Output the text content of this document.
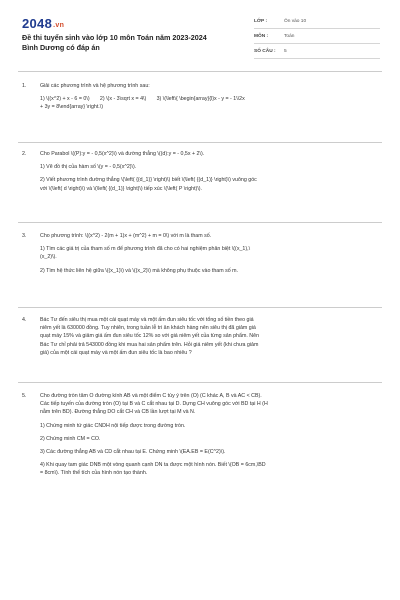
2048.vn
Đề thi tuyển sinh vào lớp 10 môn Toán năm 2023-2024
Bình Dương có đáp án
LỚP :	Ôn vào 10
MÔN :	Toán
SỐ CÂU :	5
1.	Giải các phương trình và hệ phương trình sau:
1) \((x^2) + x - 6 = 0\) 2) \(x - 3\sqrt x = 4\) 3) \(\left\{ \begin{array}{l}x - y = - 1\\2x
+ 3y = 8\end{array} \right.\)
2.	Cho Parabol \((P):y = - 0,5(x^2)\) và đường thẳng \((d):y = - 0,5x + 2\).
1) Vẽ đồ thị của hàm số \(y = - 0,5(x^2)\).
2) Viết phương trình đường thẳng \(\left( {(d_1)} \right)\) biết \(\left( {(d_1)} \right)\) vuông góc
với \(\left( d \right)\) và \(\left( {(d_1)} \right)\) tiếp xúc \(\left( P \right)\).
3.	Cho phương trình: \((x^2) - 2(m + 1)x + (m^2) + m = 0\) với m là tham số.
1) Tìm các giá trị của tham số m để phương trình đã cho có hai nghiệm phân biệt \((x_1),\
(x_2)\).
2) Tìm hệ thức liên hệ giữa \((x_1)\) và \((x_2)\) mà không phụ thuộc vào tham số m.
4.	Bác Tư đến siêu thị mua một cái quạt máy và một ấm đun siêu tốc với tổng số tiền theo giá
niêm yết là 630000 đồng. Tuy nhiên, trong tuần lễ tri ân khách hàng nên siêu thị đã giảm giá
quạt máy 15% và giảm giá ấm đun siêu tốc 12% so với giá niêm yết của từng sản phẩm. Nên
Bác Tư chỉ phải trả 543000 đồng khi mua hai sản phẩm trên. Hỏi giá niêm yết (khi chưa giảm
giá) của một cái quạt máy và một ấm đun siêu tốc là bao nhiêu ?
5.	Cho đường tròn tâm O đường kính AB và một điểm C tùy ý trên (O) (C khác A, B và AC < CB).
Các tiếp tuyến của đường tròn (O) tại B và C cắt nhau tại D. Dựng CH vuông góc với BD tại H (H
nằm trên BD). Đường thẳng DO cắt CH và CB lần lượt tại M và N.
1) Chứng minh tứ giác CNDH nội tiếp được trong đường tròn.
2) Chứng minh CM = CO.
3) Các đường thẳng AB và CD cắt nhau tại E. Chứng minh \(EA.EB = E(C^2)\).
4) Khi quay tam giác DNB một vòng quanh cạnh DN ta được một hình nón. Biết \(OB = 6cm,\BD
= 8cm\). Tính thể tích của hình nón tạo thành.
